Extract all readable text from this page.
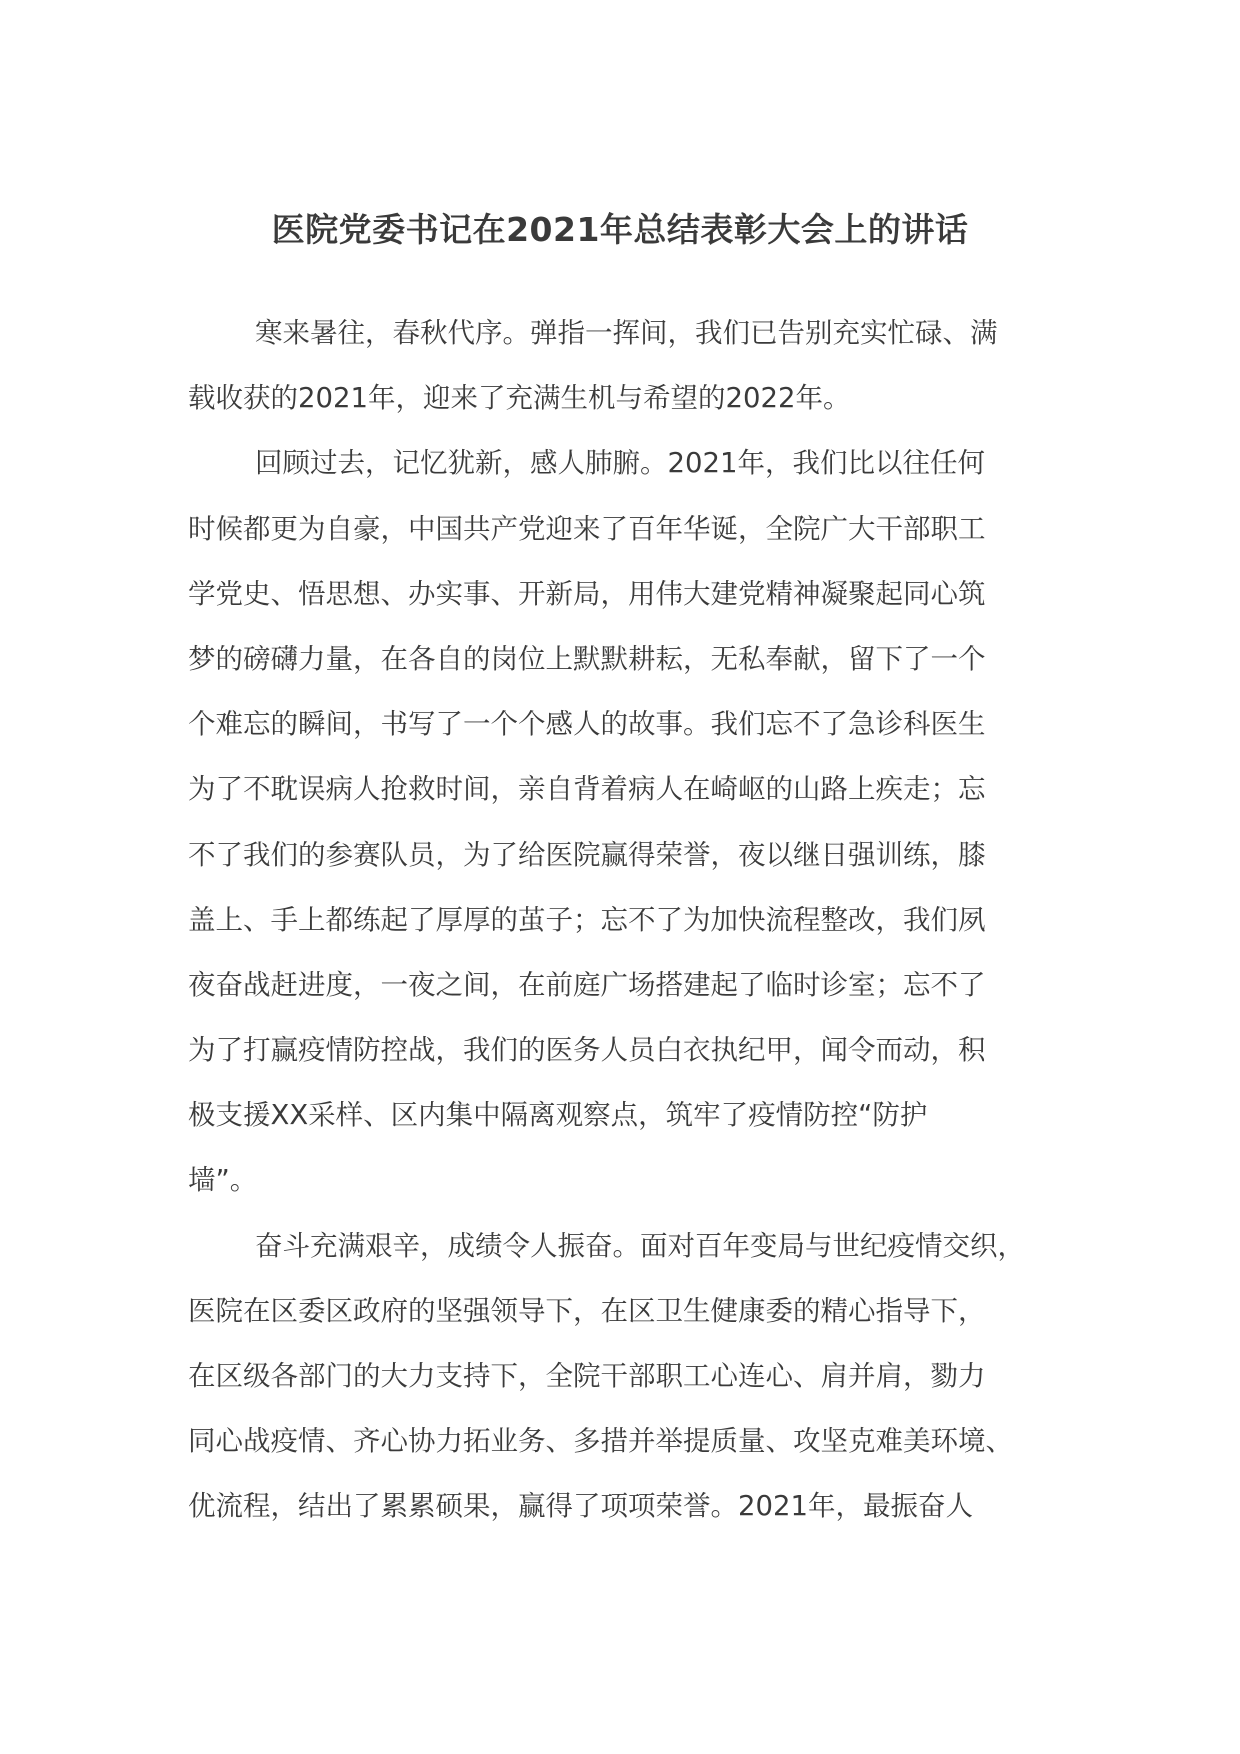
医院党委书记在2021年总结表彰大会上的讲话
寒来暑往，春秋代序。弹指一挥间，我们已告别充实忙碌、满
载收获的2021年，迎来了充满生机与希望的2022年。
回顾过去，记忆犹新，感人肺腑。2021年，我们比以往任何
时候都更为自豪，中国共产党迎来了百年华诞，全院广大干部职工
学党史、悟思想、办实事、开新局，用伟大建党精神凝聚起同心筑
梦的磅礴力量，在各自的岗位上默默耕耘，无私奉献，留下了一个
个难忘的瞬间，书写了一个个感人的故事。我们忘不了急诊科医生
为了不耽误病人抢救时间，亲自背着病人在崎岖的山路上疾走；忘
不了我们的参赛队员，为了给医院赢得荣誉，夜以继日强训练，膝
盖上、手上都练起了厚厚的茧子；忘不了为加快流程整改，我们夙
夜奋战赶进度，一夜之间，在前庭广场搭建起了临时诊室；忘不了
为了打赢疫情防控战，我们的医务人员白衣执纪甲，闻令而动，积
极支援XX采样、区内集中隔离观察点，筑牢了疫情防控“防护
墙”。
奋斗充满艰辛，成绩令人振奋。面对百年变局与世纪疫情交织，
医院在区委区政府的坚强领导下，在区卫生健康委的精心指导下，
在区级各部门的大力支持下，全院干部职工心连心、肩并肩，勠力
同心战疫情、齐心协力拓业务、多措并举提质量、攻坚克难美环境、
优流程，结出了累累硕果，赢得了项项荣誉。2021年，最振奋人
